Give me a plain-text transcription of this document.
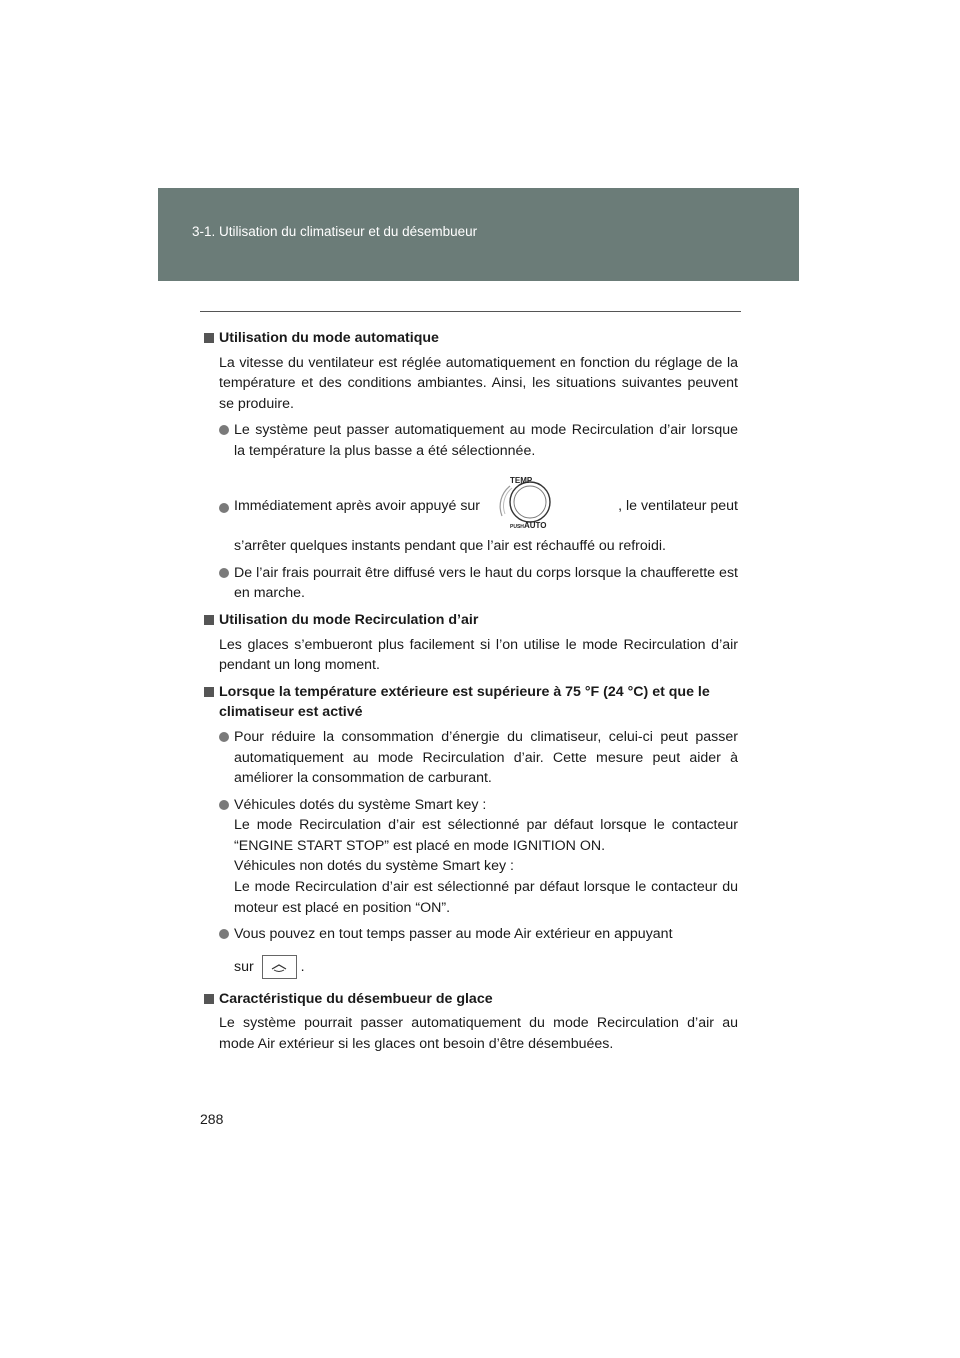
3-1. Utilisation du climatiseur et du désembueur
Utilisation du mode automatique
La vitesse du ventilateur est réglée automatiquement en fonction du réglage de la température et des conditions ambiantes. Ainsi, les situations suivantes peuvent se produire.
Le système peut passer automatiquement au mode Recirculation d’air lorsque la température la plus basse a été sélectionnée.
Immédiatement après avoir appuyé sur
TEMP
PUSH AUTO
, le ventilateur peut
s’arrêter quelques instants pendant que l’air est réchauffé ou refroidi.
De l’air frais pourrait être diffusé vers le haut du corps lorsque la chaufferette est en marche.
Utilisation du mode Recirculation d’air
Les glaces s’embueront plus facilement si l’on utilise le mode Recirculation d’air pendant un long moment.
Lorsque la température extérieure est supérieure à 75 °F (24 °C) et que le climatiseur est activé
Pour réduire la consommation d’énergie du climatiseur, celui-ci peut passer automatiquement au mode Recirculation d’air. Cette mesure peut aider à améliorer la consommation de carburant.
Véhicules dotés du système Smart key :
Le mode Recirculation d’air est sélectionné par défaut lorsque le contacteur “ENGINE START STOP” est placé en mode IGNITION ON.
Véhicules non dotés du système Smart key :
Le mode Recirculation d’air est sélectionné par défaut lorsque le contacteur du moteur est placé en position “ON”.
Vous pouvez en tout temps passer au mode Air extérieur en appuyant
sur	.
Caractéristique du désembueur de glace
Le système pourrait passer automatiquement du mode Recirculation d’air au mode Air extérieur si les glaces ont besoin d’être désembuées.
288
